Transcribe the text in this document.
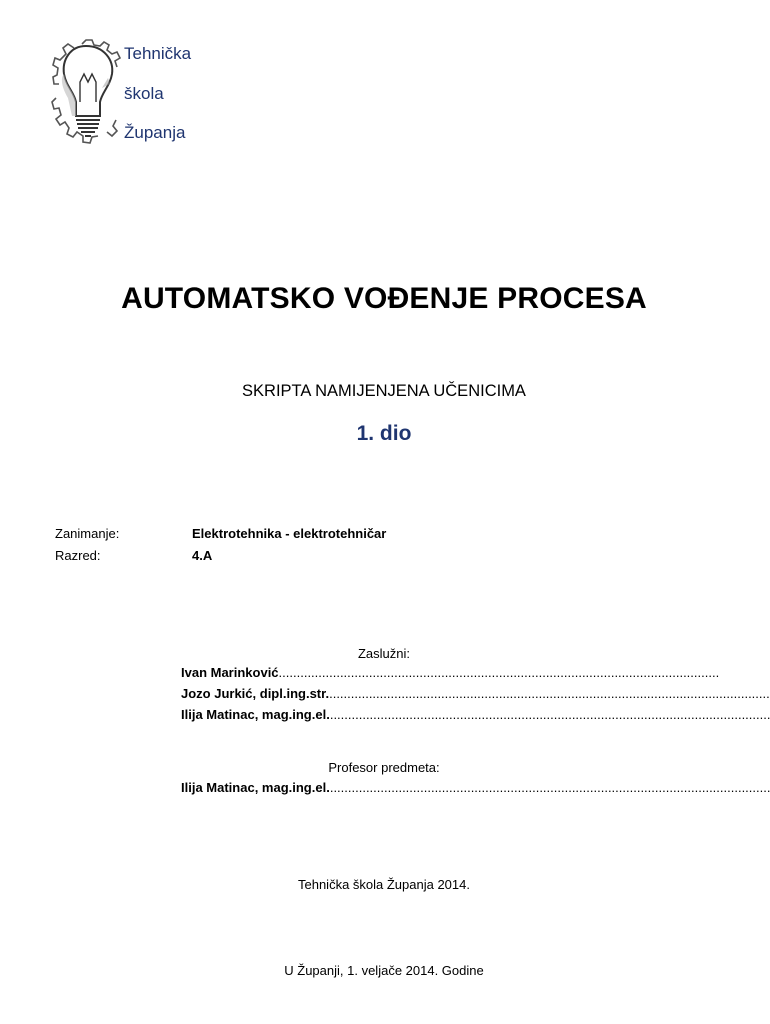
Tehnička
škola
Županja
AUTOMATSKO VOĐENJE PROCESA
SKRIPTA NAMIJENJENA UČENICIMA
1. dio
Zanimanje:	Elektrotehnika - elektrotehničar
Razred:	4.A
Zaslužni:
Ivan Marinković..........................................................................................................................
Jozo Jurkić, dipl.ing.str...........................................................................................................................
Ilija Matinac, mag.ing.el...........................................................................................................................
Profesor predmeta:
Ilija Matinac, mag.ing.el...........................................................................................................................
Tehnička škola Županja 2014.
U Županji, 1. veljače 2014. Godine
